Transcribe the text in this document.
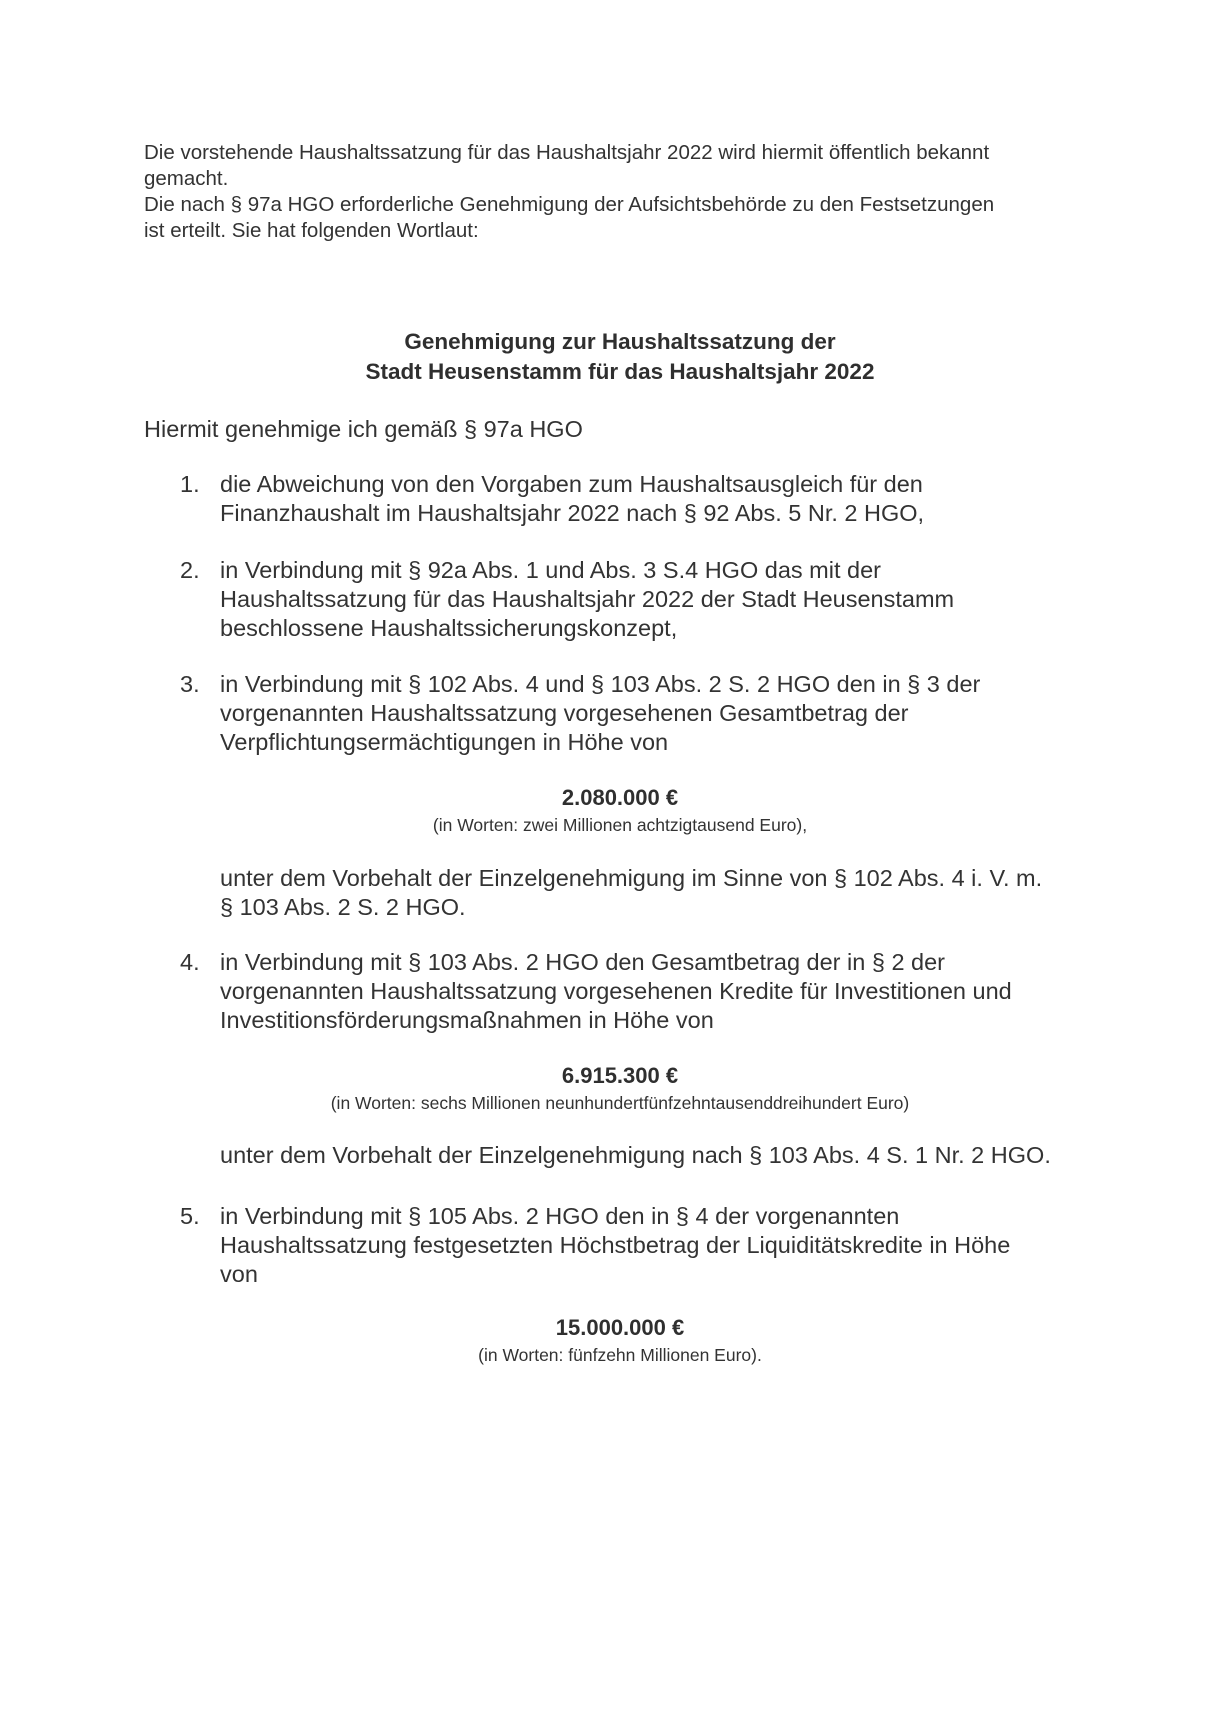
Die vorstehende Haushaltssatzung für das Haushaltsjahr 2022 wird hiermit öffentlich bekannt

gemacht.

Die nach § 97a HGO erforderliche Genehmigung der Aufsichtsbehörde zu den Festsetzungen

ist erteilt. Sie hat folgenden Wortlaut:

Genehmigung zur Haushaltssatzung der
Stadt Heusenstamm für das Haushaltsjahr 2022
Hiermit genehmige ich gemäß § 97a HGO
1. die Abweichung von den Vorgaben zum Haushaltsausgleich für den
Finanzhaushalt im Haushaltsjahr 2022 nach § 92 Abs. 5 Nr. 2 HGO,
2. in Verbindung mit § 92a Abs. 1 und Abs. 3 S.4 HGO das mit der
Haushaltssatzung für das Haushaltsjahr 2022 der Stadt Heusenstamm
beschlossene Haushaltssicherungskonzept,
3. in Verbindung mit § 102 Abs. 4 und § 103 Abs. 2 S. 2 HGO den in § 3 der
vorgenannten Haushaltssatzung vorgesehenen Gesamtbetrag der
Verpflichtungsermächtigungen in Höhe von
2.080.000 €
(in Worten: zwei Millionen achtzigtausend Euro),
unter dem Vorbehalt der Einzelgenehmigung im Sinne von § 102 Abs. 4 i. V. m.
§ 103 Abs. 2 S. 2 HGO.
4. in Verbindung mit § 103 Abs. 2 HGO den Gesamtbetrag der in § 2 der
vorgenannten Haushaltssatzung vorgesehenen Kredite für Investitionen und
Investitionsförderungsmaßnahmen in Höhe von
6.915.300 €
(in Worten: sechs Millionen neunhundertfünfzehntausenddreihundert Euro)
unter dem Vorbehalt der Einzelgenehmigung nach § 103 Abs. 4 S. 1 Nr. 2 HGO.
5. in Verbindung mit § 105 Abs. 2 HGO den in § 4 der vorgenannten
Haushaltssatzung festgesetzten Höchstbetrag der Liquiditätskredite in Höhe
von
15.000.000 €
(in Worten: fünfzehn Millionen Euro).
